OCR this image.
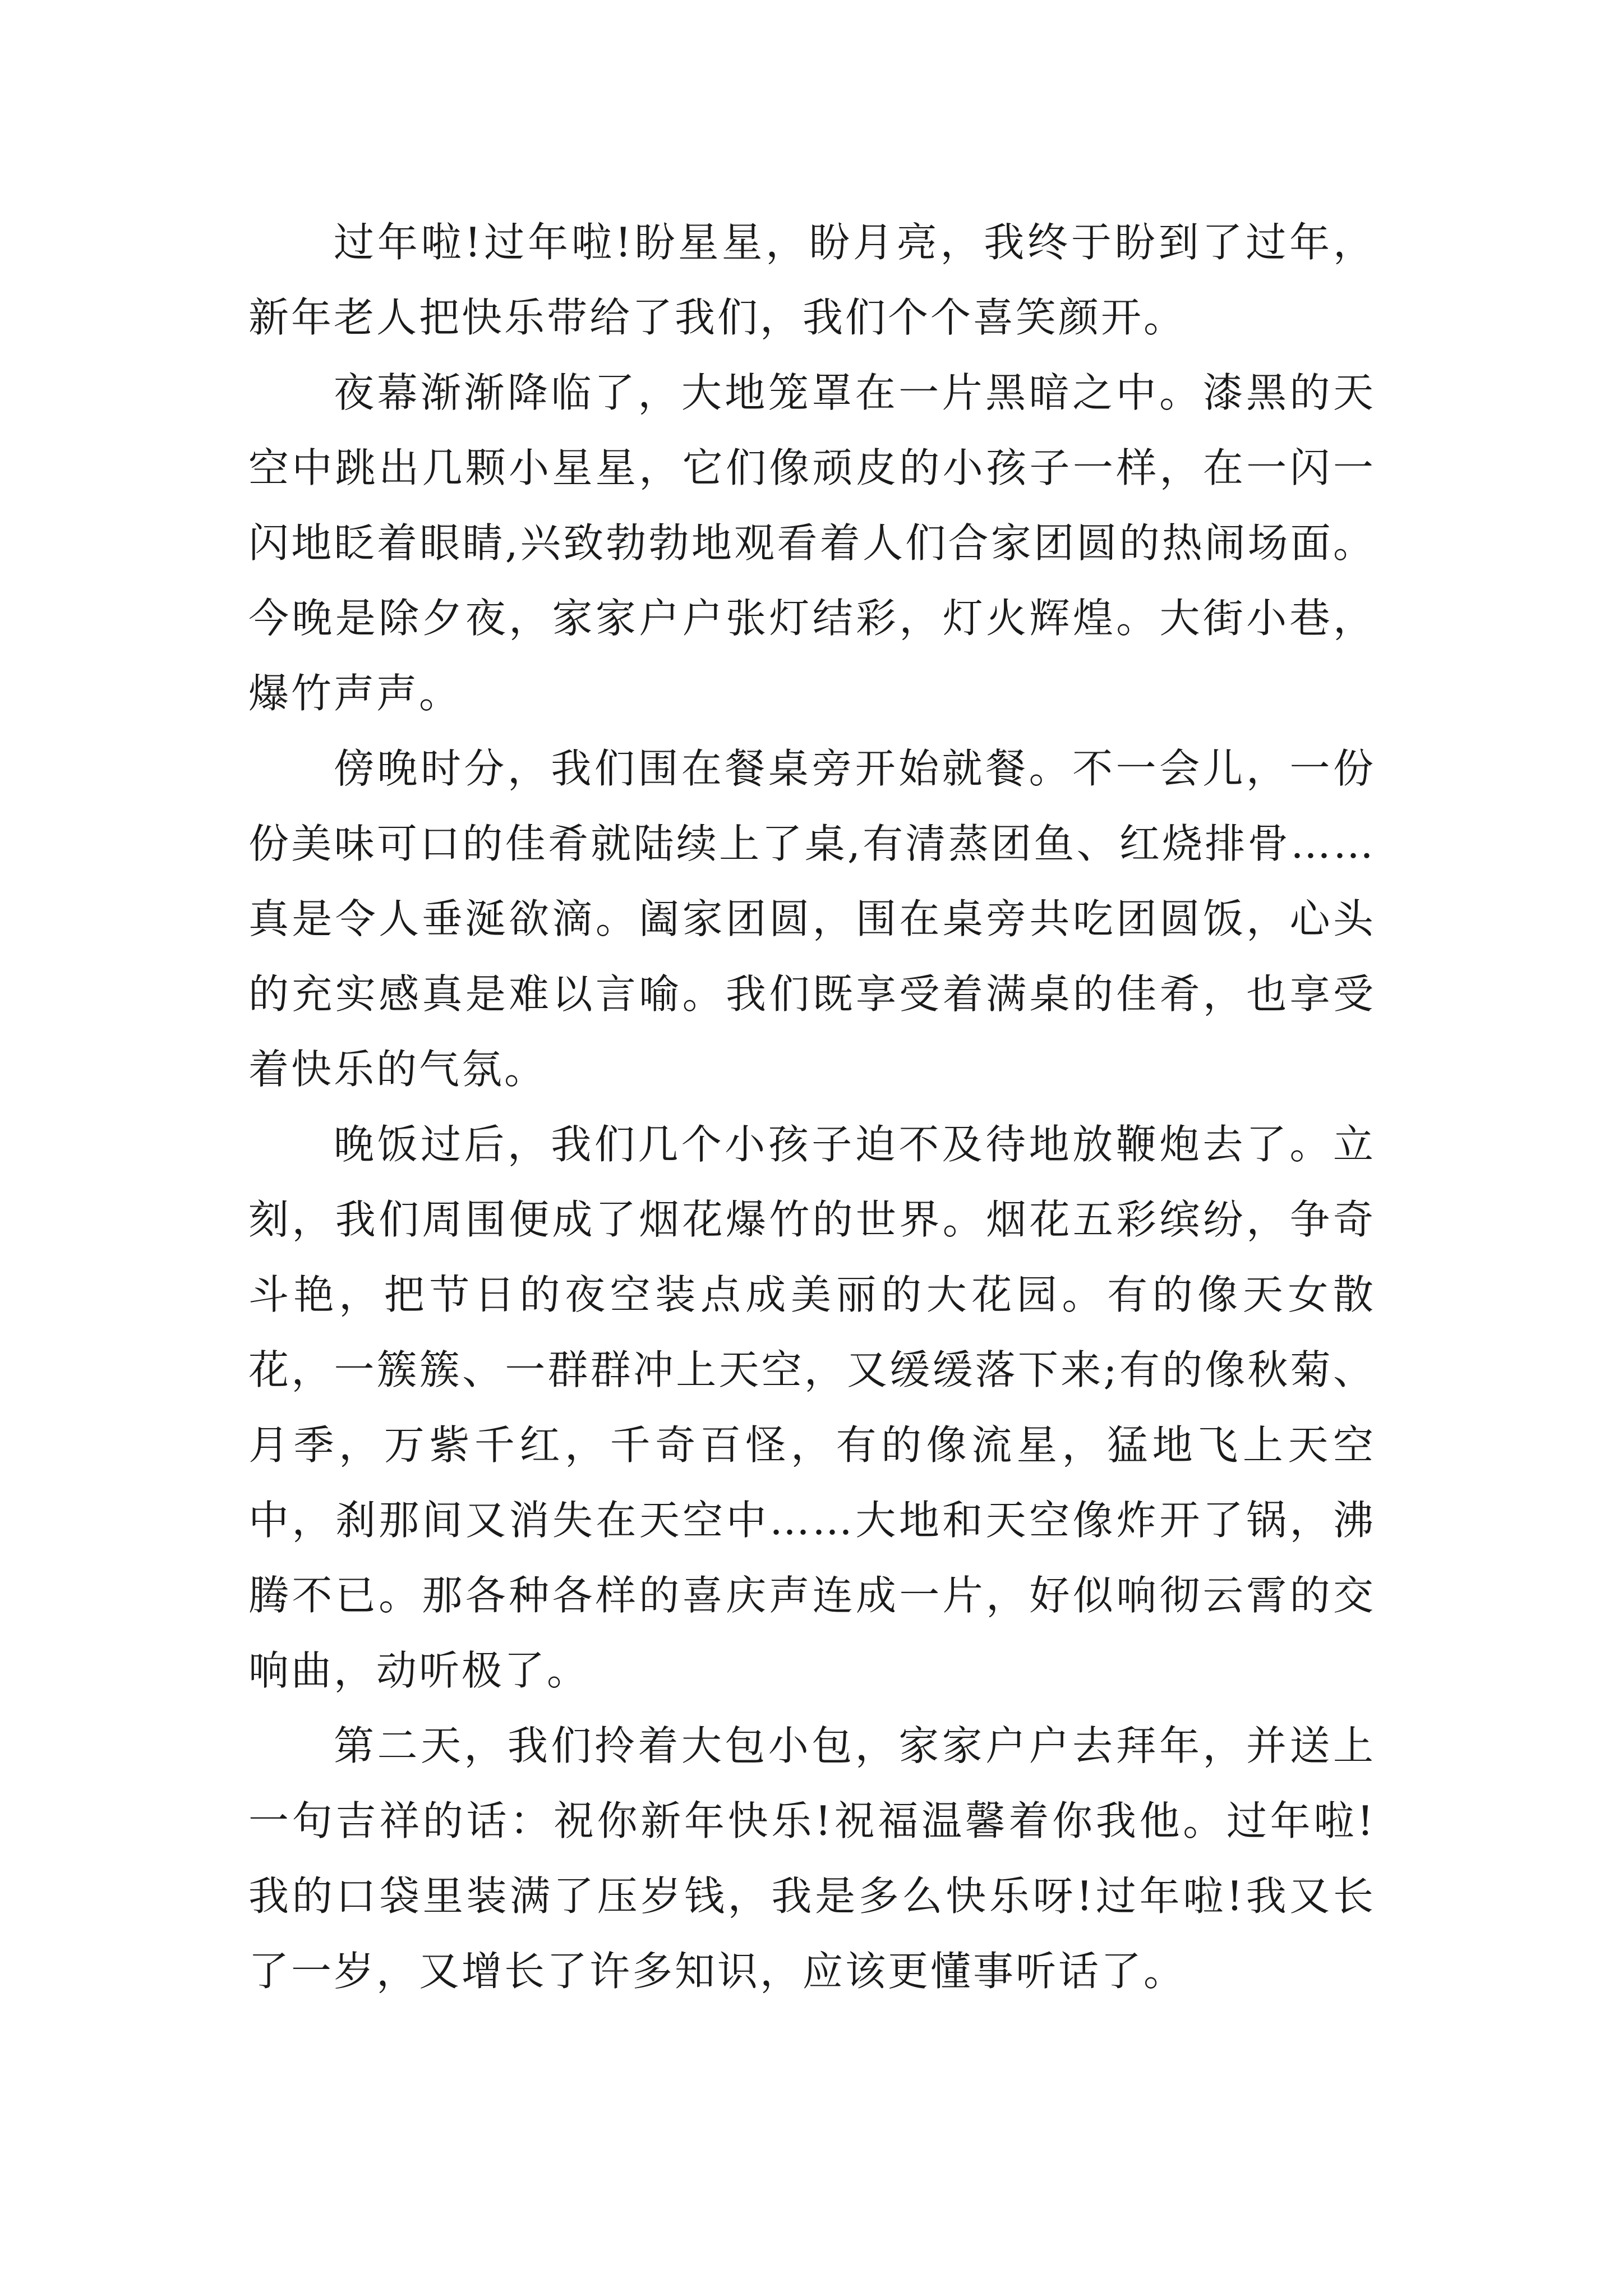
过年啦!过年啦!盼星星，盼月亮，我终于盼到了过年，新年老人把快乐带给了我们，我们个个喜笑颜开。

夜幕渐渐降临了，大地笼罩在一片黑暗之中。漆黑的天空中跳出几颗小星星，它们像顽皮的小孩子一样，在一闪一闪地眨着眼睛,兴致勃勃地观看着人们合家团圆的热闹场面。今晚是除夕夜，家家户户张灯结彩，灯火辉煌。大街小巷，爆竹声声。

傍晚时分，我们围在餐桌旁开始就餐。不一会儿，一份份美味可口的佳肴就陆续上了桌,有清蒸团鱼、红烧排骨……真是令人垂涎欲滴。阖家团圆，围在桌旁共吃团圆饭，心头的充实感真是难以言喻。我们既享受着满桌的佳肴，也享受着快乐的气氛。

晚饭过后，我们几个小孩子迫不及待地放鞭炮去了。立刻，我们周围便成了烟花爆竹的世界。烟花五彩缤纷，争奇斗艳，把节日的夜空装点成美丽的大花园。有的像天女散花，一簇簇、一群群冲上天空，又缓缓落下来;有的像秋菊、月季，万紫千红，千奇百怪，有的像流星，猛地飞上天空中，刹那间又消失在天空中……大地和天空像炸开了锅，沸腾不已。那各种各样的喜庆声连成一片，好似响彻云霄的交响曲，动听极了。

第二天，我们拎着大包小包，家家户户去拜年，并送上一句吉祥的话：祝你新年快乐!祝福温馨着你我他。过年啦!我的口袋里装满了压岁钱，我是多么快乐呀!过年啦!我又长了一岁，又增长了许多知识，应该更懂事听话了。
